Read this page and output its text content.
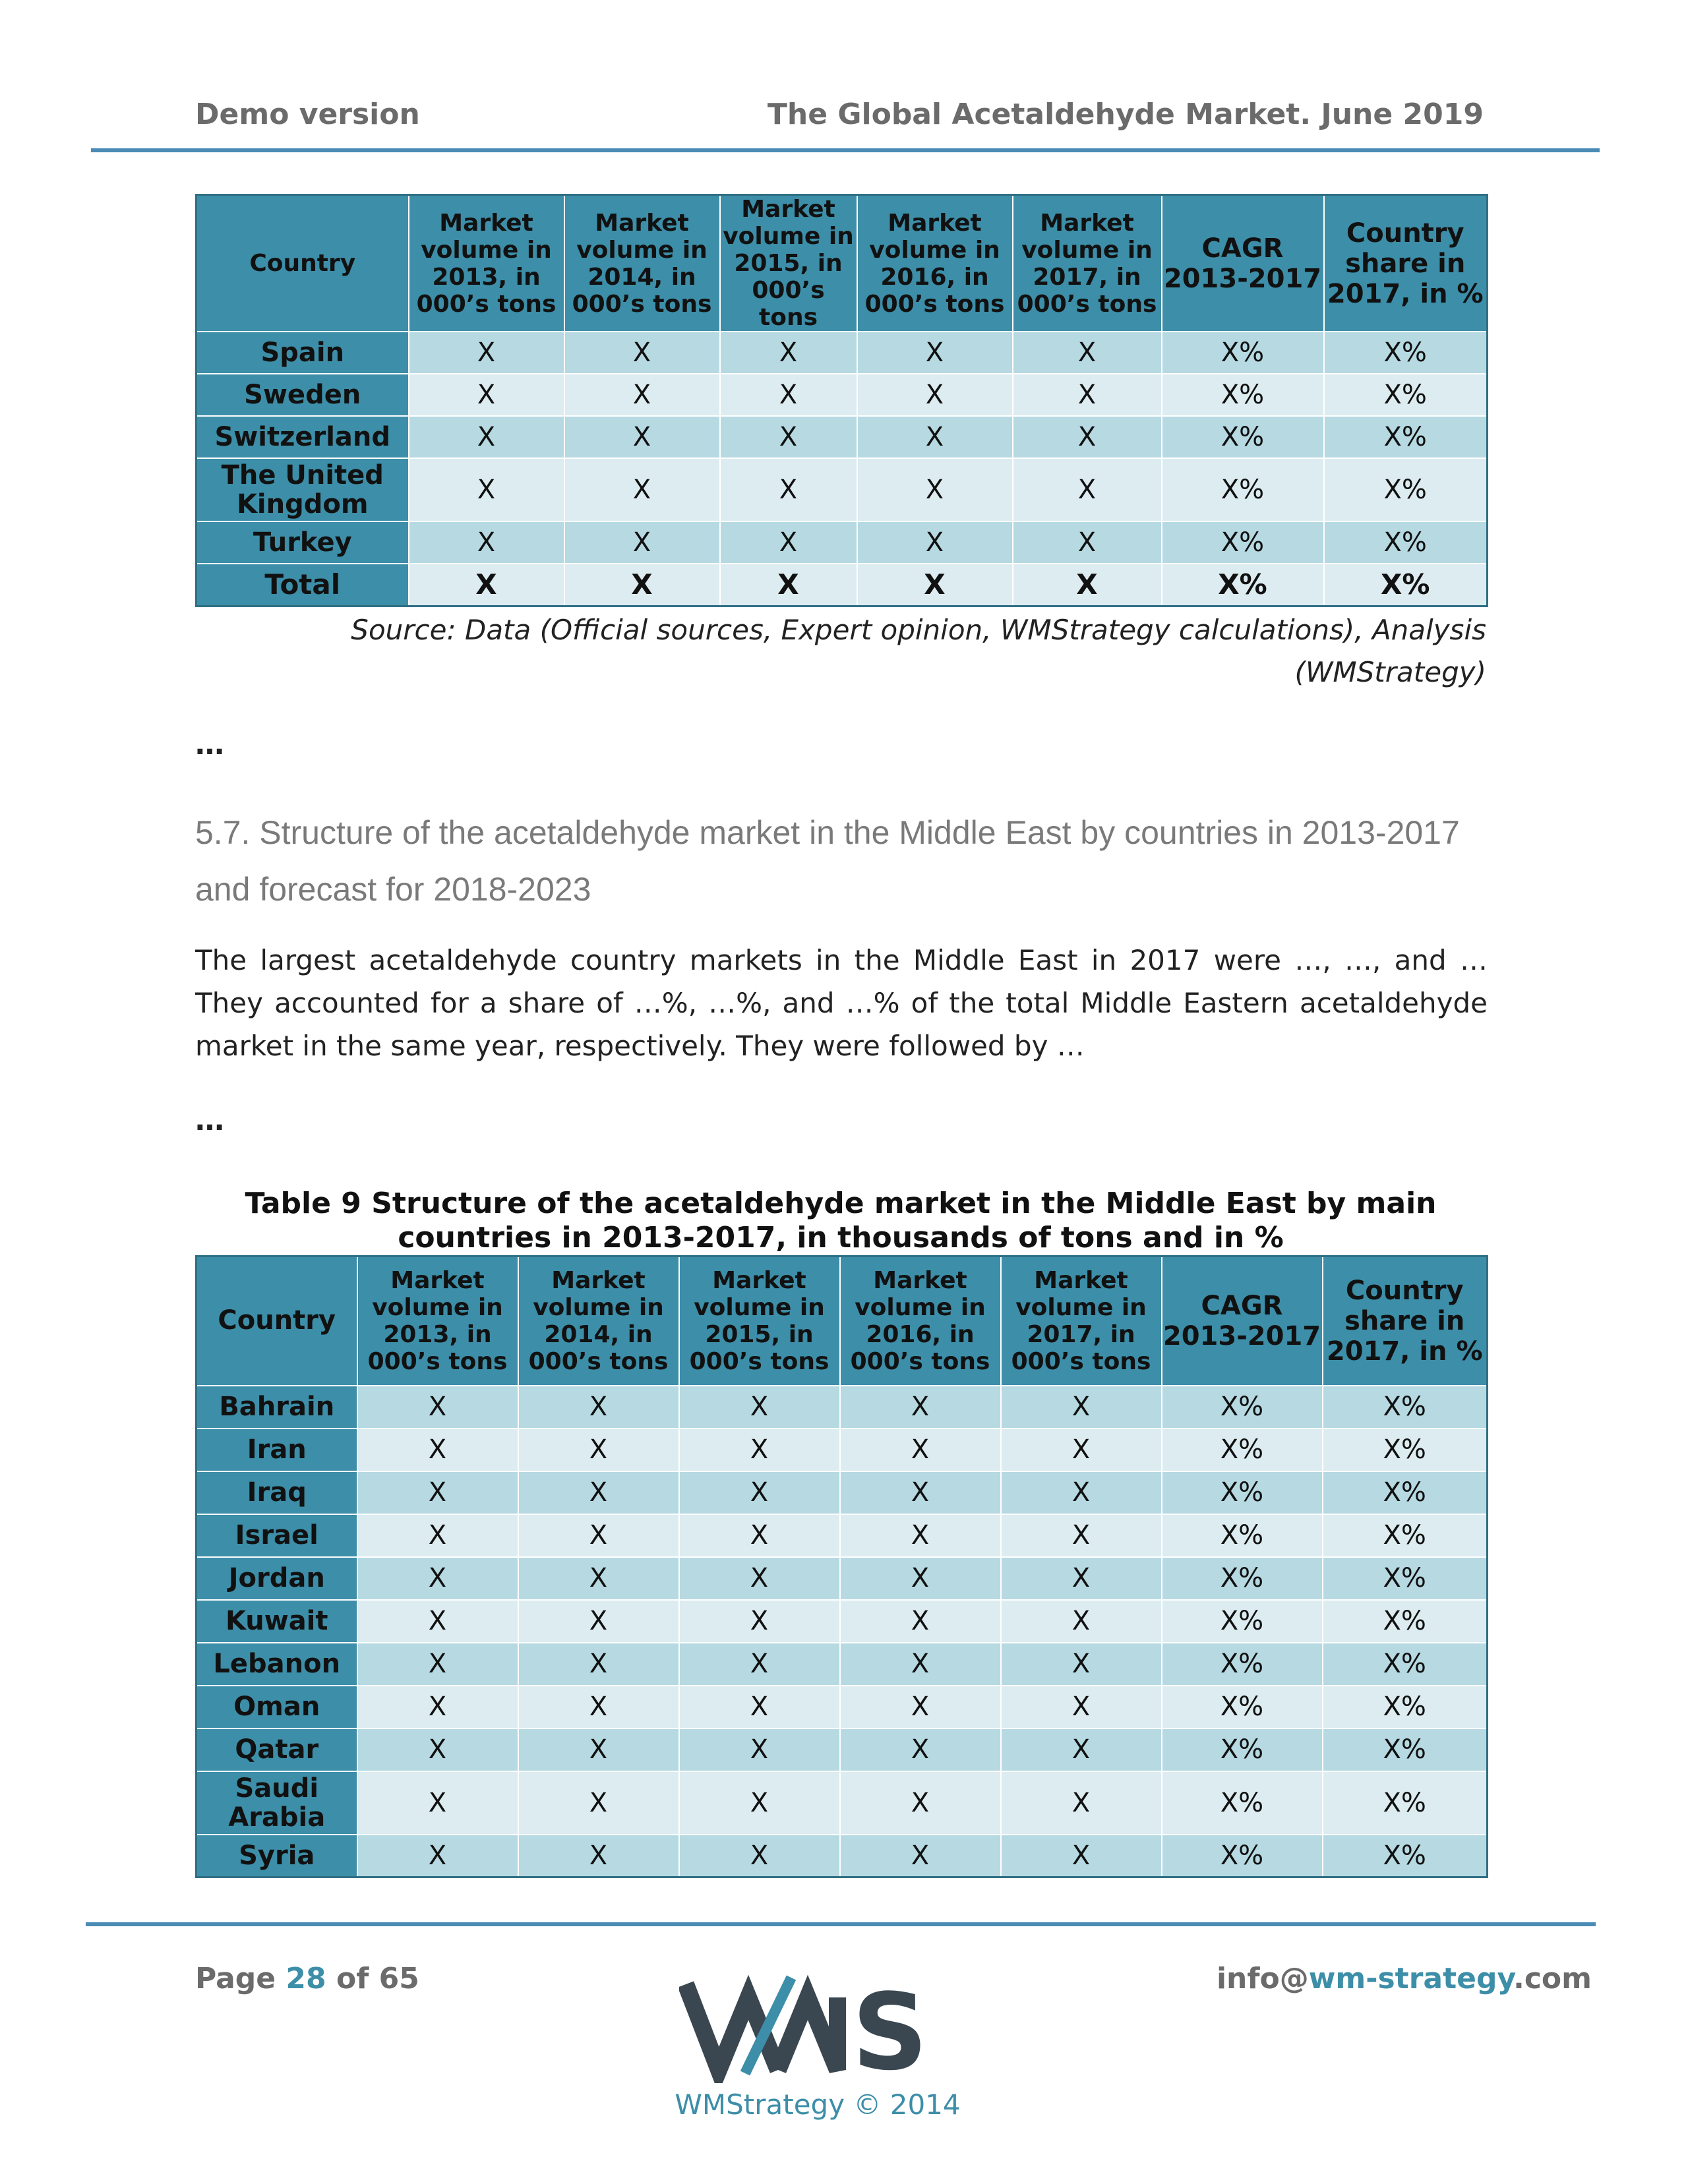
Demo version	The Global Acetaldehyde Market. June 2019
Country	Market volume in 2013, in 000’s tons	Market volume in 2014, in 000’s tons	Market volume in 2015, in 000’s tons	Market volume in 2016, in 000’s tons	Market volume in 2017, in 000’s tons	CAGR 2013-2017	Country share in 2017, in %
Spain	X	X	X	X	X	X%	X%
Sweden	X	X	X	X	X	X%	X%
Switzerland	X	X	X	X	X	X%	X%
The United Kingdom	X	X	X	X	X	X%	X%
Turkey	X	X	X	X	X	X%	X%
Total	X	X	X	X	X	X%	X%
Source: Data (Official sources, Expert opinion, WMStrategy calculations), Analysis (WMStrategy)
…
5.7. Structure of the acetaldehyde market in the Middle East by countries in 2013-2017 and forecast for 2018-2023
The largest acetaldehyde country markets in the Middle East in 2017 were …, …, and … They accounted for a share of …%, …%, and …% of the total Middle Eastern acetaldehyde market in the same year, respectively. They were followed by …
…
Table 9 Structure of the acetaldehyde market in the Middle East by main countries in 2013-2017, in thousands of tons and in %
Country	Market volume in 2013, in 000’s tons	Market volume in 2014, in 000’s tons	Market volume in 2015, in 000’s tons	Market volume in 2016, in 000’s tons	Market volume in 2017, in 000’s tons	CAGR 2013-2017	Country share in 2017, in %
Bahrain	X	X	X	X	X	X%	X%
Iran	X	X	X	X	X	X%	X%
Iraq	X	X	X	X	X	X%	X%
Israel	X	X	X	X	X	X%	X%
Jordan	X	X	X	X	X	X%	X%
Kuwait	X	X	X	X	X	X%	X%
Lebanon	X	X	X	X	X	X%	X%
Oman	X	X	X	X	X	X%	X%
Qatar	X	X	X	X	X	X%	X%
Saudi Arabia	X	X	X	X	X	X%	X%
Syria	X	X	X	X	X	X%	X%
Page 28 of 65	info@wm-strategy.com
S
WMStrategy © 2014
